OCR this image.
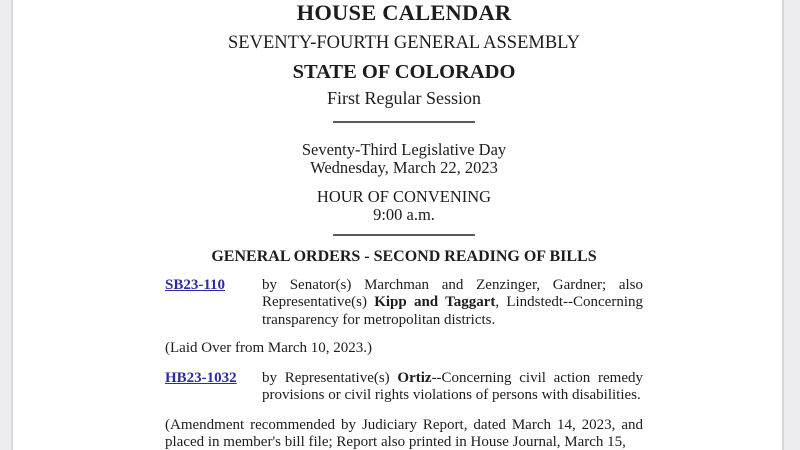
HOUSE CALENDAR
SEVENTY-FOURTH GENERAL ASSEMBLY
STATE OF COLORADO
First Regular Session
Seventy-Third Legislative Day
Wednesday, March 22, 2023
HOUR OF CONVENING
9:00 a.m.
GENERAL ORDERS - SECOND READING OF BILLS
SB23-110 by Senator(s) Marchman and Zenzinger, Gardner; also
Representative(s) Kipp and Taggart, Lindstedt--Concerning
transparency for metropolitan districts.
(Laid Over from March 10, 2023.)
HB23-1032 by Representative(s) Ortiz--Concerning civil action remedy
provisions or civil rights violations of persons with disabilities.
(Amendment recommended by Judiciary Report, dated March 14, 2023, and
placed in member's bill file; Report also printed in House Journal, March 15,
